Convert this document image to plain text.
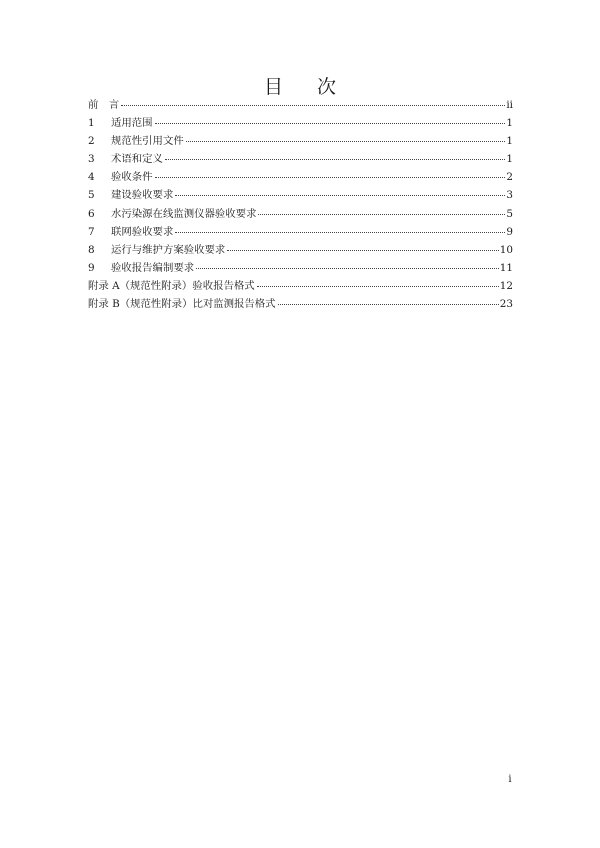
目 次
前　言	ii
1	适用范围	1
2	规范性引用文件	1
3	术语和定义	1
4	验收条件	2
5	建设验收要求	3
6	水污染源在线监测仪器验收要求	5
7	联网验收要求	9
8	运行与维护方案验收要求	10
9	验收报告编制要求	11
附录 A（规范性附录）验收报告格式	12
附录 B（规范性附录）比对监测报告格式	23
i
